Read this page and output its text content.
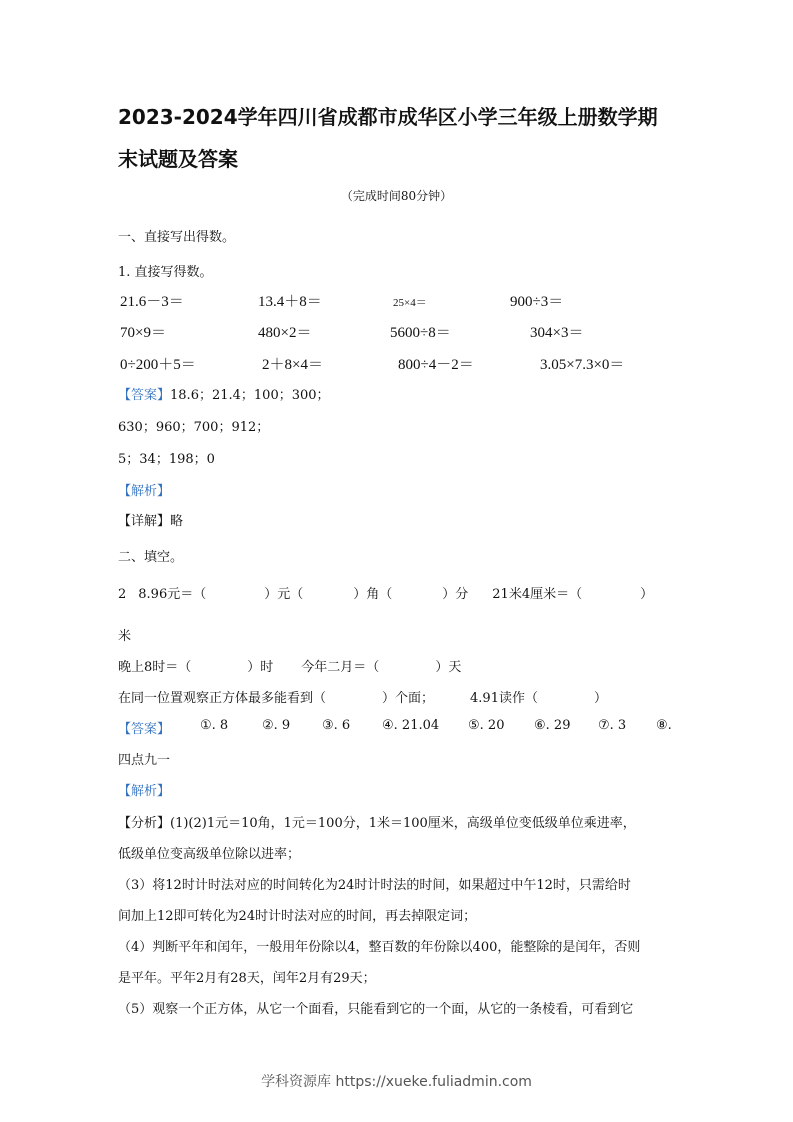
2023-2024学年四川省成都市成华区小学三年级上册数学期
末试题及答案
（完成时间80分钟）
一、直接写出得数。
1. 直接写得数。
21.6－3＝	13.4＋8＝	25×4＝	900÷3＝
70×9＝	480×2＝	5600÷8＝	304×3＝
0÷200＋5＝	2＋8×4＝	800÷4－2＝	3.05×7.3×0＝
【答案】18.6；21.4；100；300；
630；960；700；912；
5；34；198；0
【解析】
【详解】略
二、填空。
2 8.96元＝（	）元（	）角（	）分 21米4厘米＝（	）
米
晚上8时＝（	）时 今年二月＝（	）天
在同一位置观察正方体最多能看到（	）个面；	4.91读作（	）
【答案】 ①. 8	②. 9 ③. 6 ④. 21.04 ⑤. 20 ⑥. 29 ⑦. 3 ⑧.
四点九一
【解析】
【分析】(1)(2)1元＝10角，1元＝100分，1米＝100厘米，高级单位变低级单位乘进率，
低级单位变高级单位除以进率；
（3）将12时计时法对应的时间转化为24时计时法的时间，如果超过中午12时，只需给时
间加上12即可转化为24时计时法对应的时间，再去掉限定词；
（4）判断平年和闰年，一般用年份除以4，整百数的年份除以400，能整除的是闰年，否则
是平年。平年2月有28天，闰年2月有29天；
（5）观察一个正方体，从它一个面看，只能看到它的一个面，从它的一条棱看，可看到它
学科资源库 https://xueke.fuliadmin.com
